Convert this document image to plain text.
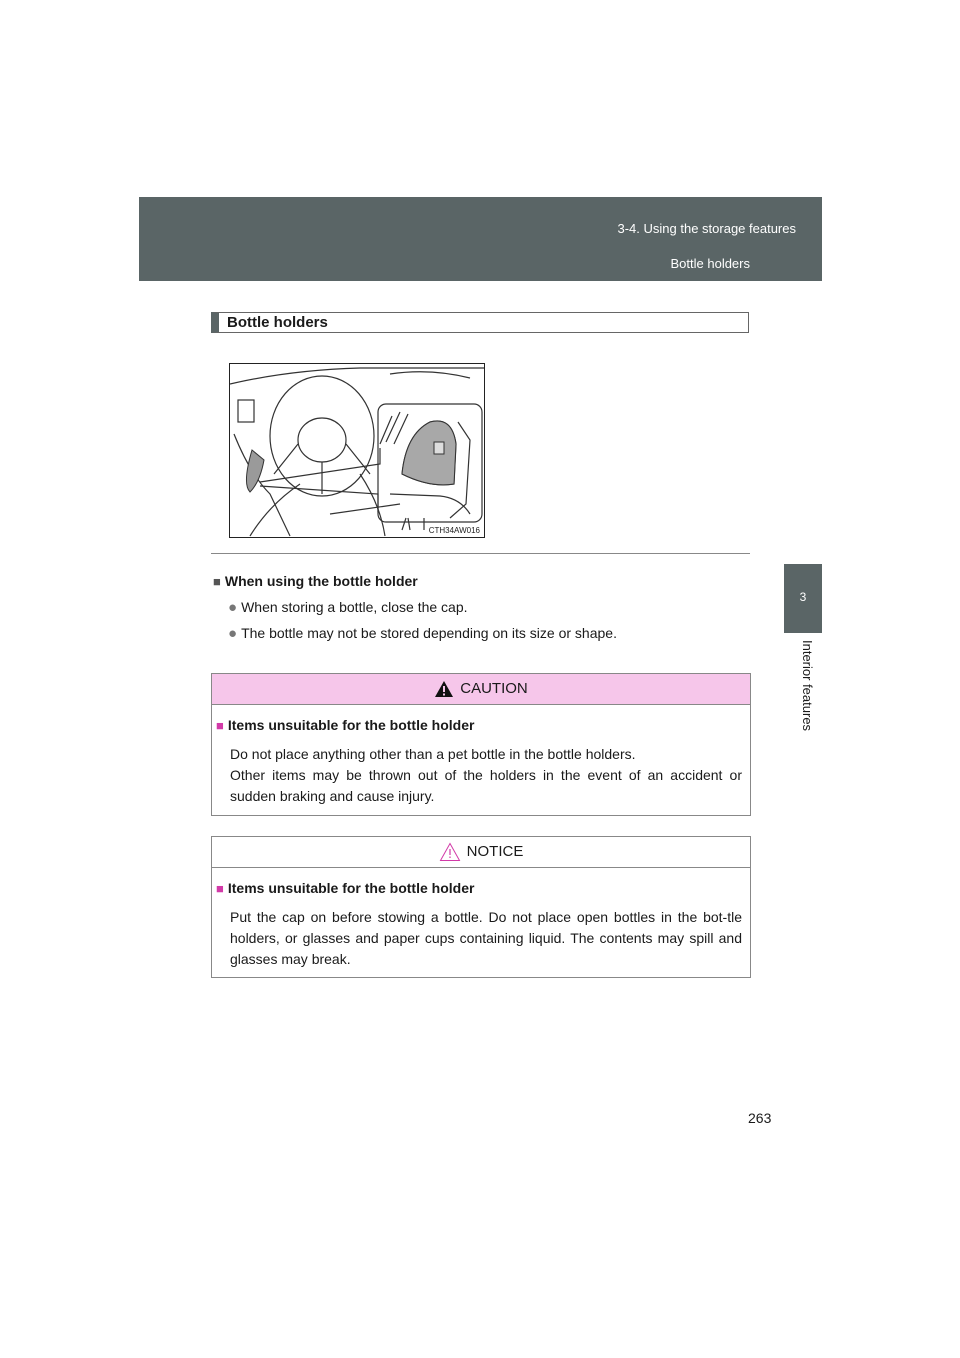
3-4. Using the storage features
Bottle holders
3
Interior features
Bottle holders
CTH34AW016
■ When using the bottle holder
● When storing a bottle, close the cap.
● The bottle may not be stored depending on its size or shape.
CAUTION
■ Items unsuitable for the bottle holder
Do not place anything other than a pet bottle in the bottle holders.
Other items may be thrown out of the holders in the event of an accident or sudden braking and cause injury.
NOTICE
■ Items unsuitable for the bottle holder
Put the cap on before stowing a bottle. Do not place open bottles in the bot-tle holders, or glasses and paper cups containing liquid. The contents may spill and glasses may break.
263
